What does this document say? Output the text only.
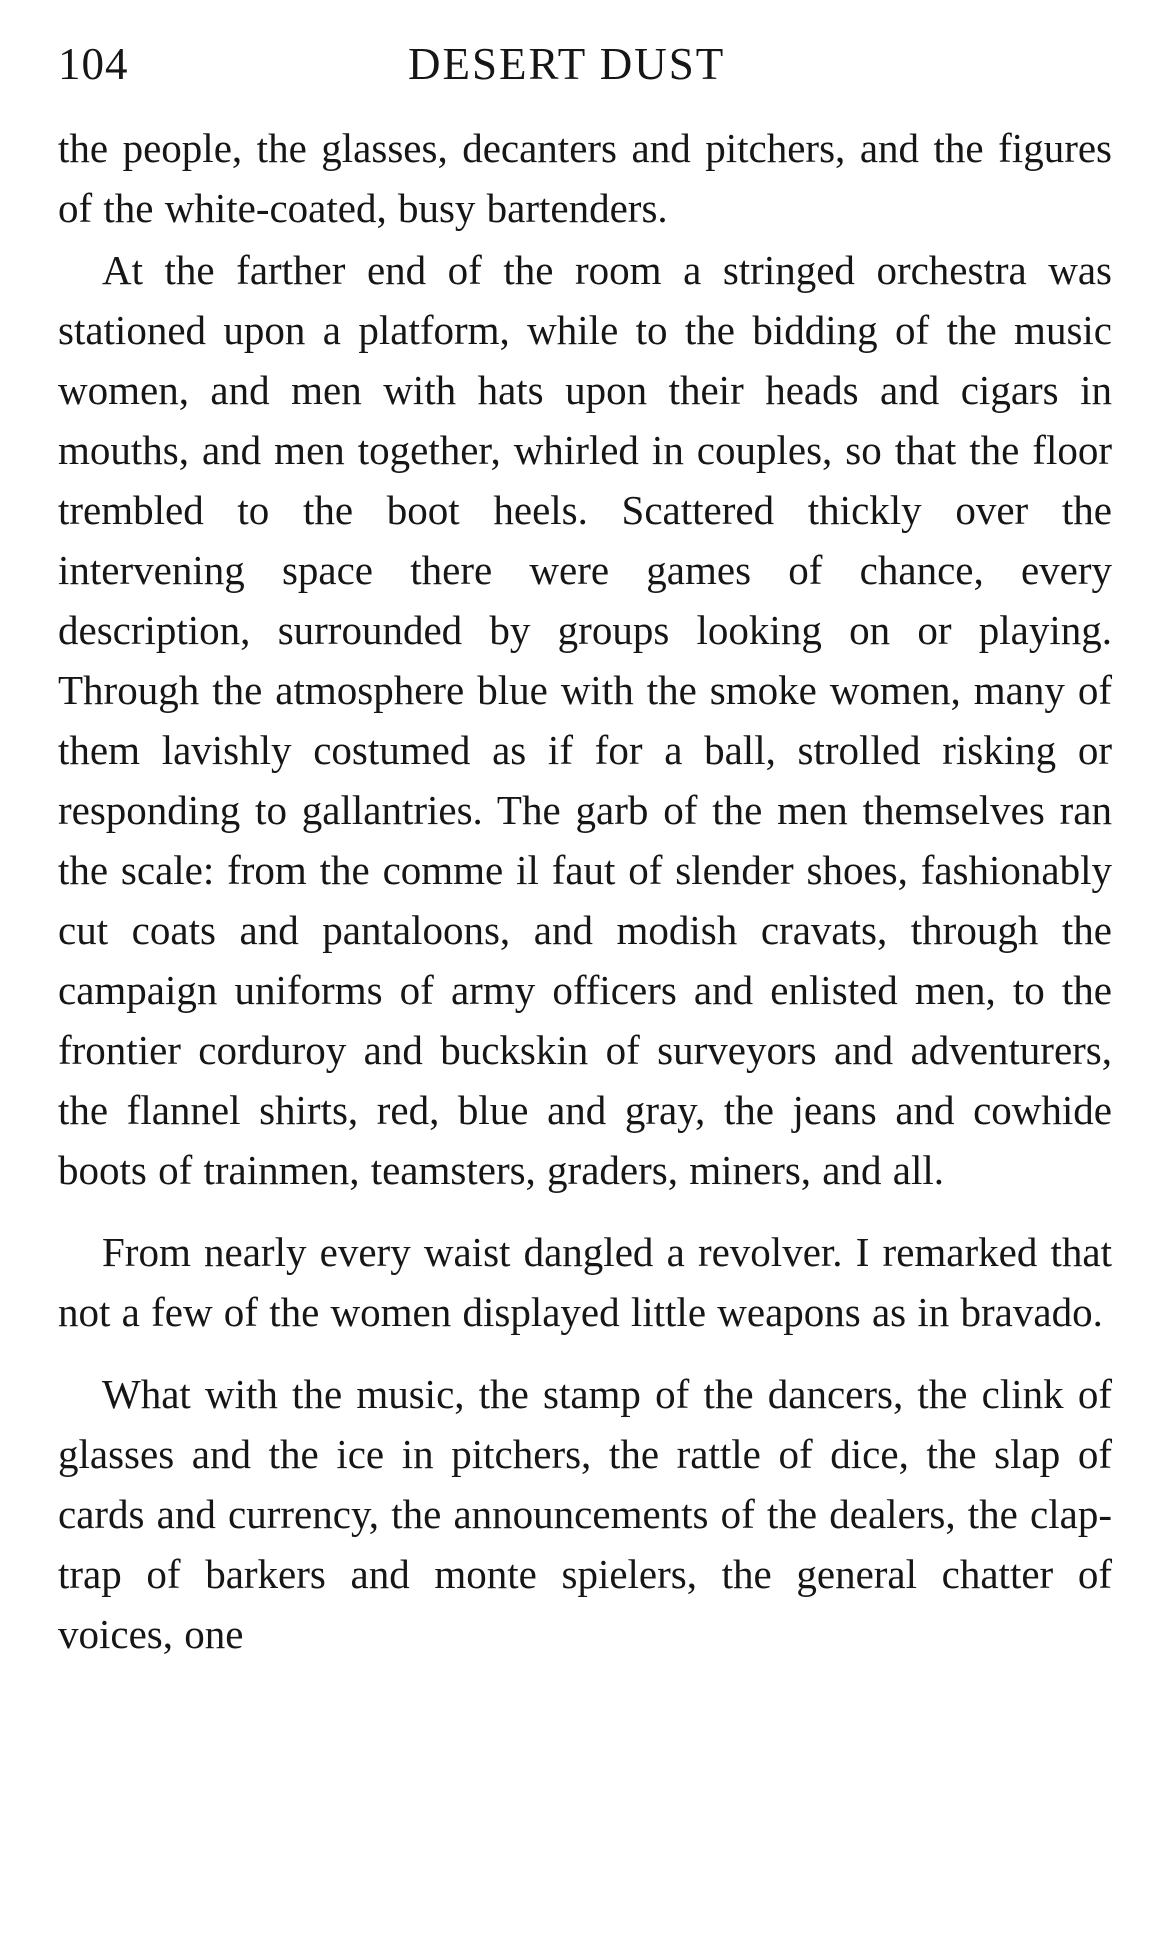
104	DESERT DUST

the people, the glasses, decanters and pitchers, and the figures of the white-coated, busy bartenders.

At the farther end of the room a stringed orchestra was stationed upon a platform, while to the bidding of the music women, and men with hats upon their heads and cigars in mouths, and men together, whirled in couples, so that the floor trembled to the boot heels. Scattered thickly over the intervening space there were games of chance, every description, surrounded by groups looking on or playing. Through the atmosphere blue with the smoke women, many of them lavishly costumed as if for a ball, strolled risking or responding to gallantries. The garb of the men themselves ran the scale: from the comme il faut of slender shoes, fashionably cut coats and pantaloons, and modish cravats, through the campaign uniforms of army officers and enlisted men, to the frontier corduroy and buckskin of surveyors and adventurers, the flannel shirts, red, blue and gray, the jeans and cowhide boots of trainmen, teamsters, graders, miners, and all.

From nearly every waist dangled a revolver. I remarked that not a few of the women displayed little weapons as in bravado.

What with the music, the stamp of the dancers, the clink of glasses and the ice in pitchers, the rattle of dice, the slap of cards and currency, the announcements of the dealers, the clap-trap of barkers and monte spielers, the general chatter of voices, one
